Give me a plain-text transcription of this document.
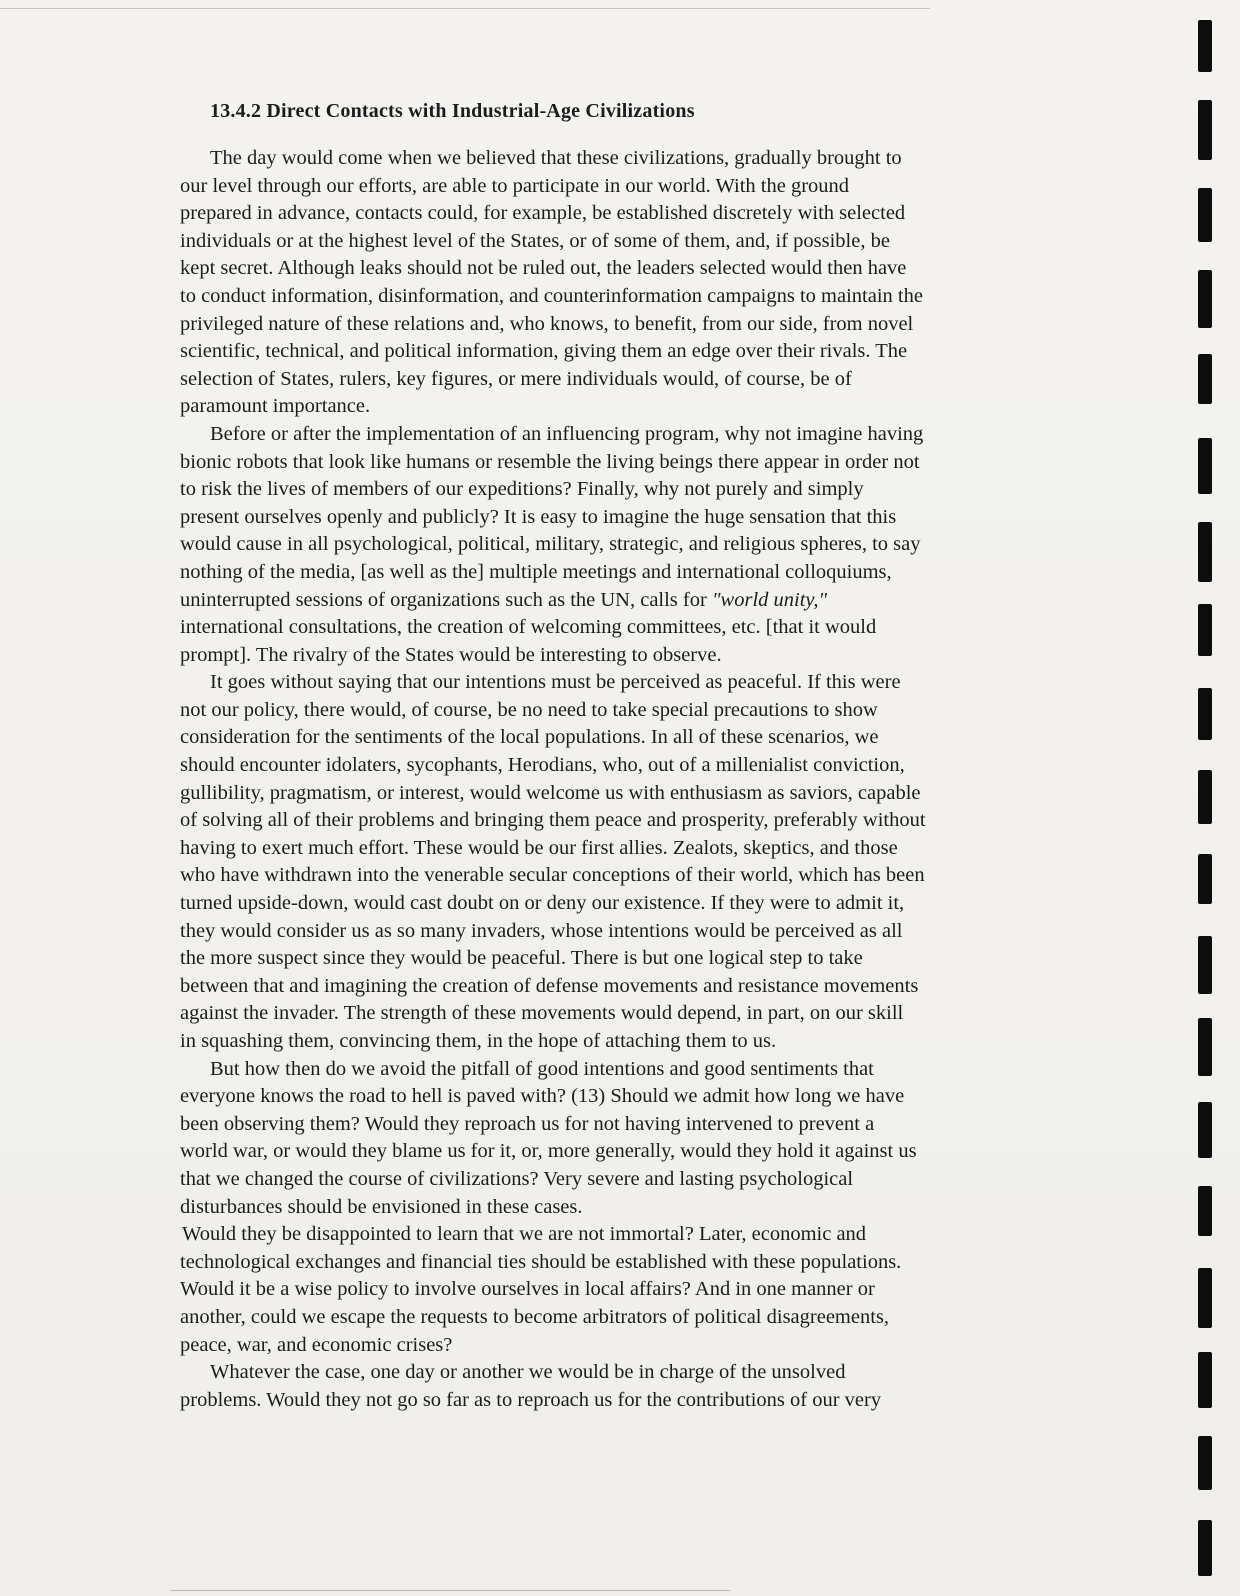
13.4.2 Direct Contacts with Industrial-Age Civilizations

The day would come when we believed that these civilizations, gradually brought to
our level through our efforts, are able to participate in our world. With the ground
prepared in advance, contacts could, for example, be established discretely with selected
individuals or at the highest level of the States, or of some of them, and, if possible, be
kept secret. Although leaks should not be ruled out, the leaders selected would then have
to conduct information, disinformation, and counterinformation campaigns to maintain the
privileged nature of these relations and, who knows, to benefit, from our side, from novel
scientific, technical, and political information, giving them an edge over their rivals. The
selection of States, rulers, key figures, or mere individuals would, of course, be of
paramount importance.

Before or after the implementation of an influencing program, why not imagine having
bionic robots that look like humans or resemble the living beings there appear in order not
to risk the lives of members of our expeditions? Finally, why not purely and simply
present ourselves openly and publicly? It is easy to imagine the huge sensation that this
would cause in all psychological, political, military, strategic, and religious spheres, to say
nothing of the media, [as well as the] multiple meetings and international colloquiums,
uninterrupted sessions of organizations such as the UN, calls for "world unity,"
international consultations, the creation of welcoming committees, etc. [that it would
prompt]. The rivalry of the States would be interesting to observe.

It goes without saying that our intentions must be perceived as peaceful. If this were
not our policy, there would, of course, be no need to take special precautions to show
consideration for the sentiments of the local populations. In all of these scenarios, we
should encounter idolaters, sycophants, Herodians, who, out of a millenialist conviction,
gullibility, pragmatism, or interest, would welcome us with enthusiasm as saviors, capable
of solving all of their problems and bringing them peace and prosperity, preferably without
having to exert much effort. These would be our first allies. Zealots, skeptics, and those
who have withdrawn into the venerable secular conceptions of their world, which has been
turned upside-down, would cast doubt on or deny our existence. If they were to admit it,
they would consider us as so many invaders, whose intentions would be perceived as all
the more suspect since they would be peaceful. There is but one logical step to take
between that and imagining the creation of defense movements and resistance movements
against the invader. The strength of these movements would depend, in part, on our skill
in squashing them, convincing them, in the hope of attaching them to us.

But how then do we avoid the pitfall of good intentions and good sentiments that
everyone knows the road to hell is paved with? (13) Should we admit how long we have
been observing them? Would they reproach us for not having intervened to prevent a
world war, or would they blame us for it, or, more generally, would they hold it against us
that we changed the course of civilizations? Very severe and lasting psychological
disturbances should be envisioned in these cases.

Would they be disappointed to learn that we are not immortal? Later, economic and
technological exchanges and financial ties should be established with these populations.
Would it be a wise policy to involve ourselves in local affairs? And in one manner or
another, could we escape the requests to become arbitrators of political disagreements,
peace, war, and economic crises?

Whatever the case, one day or another we would be in charge of the unsolved
problems. Would they not go so far as to reproach us for the contributions of our very
